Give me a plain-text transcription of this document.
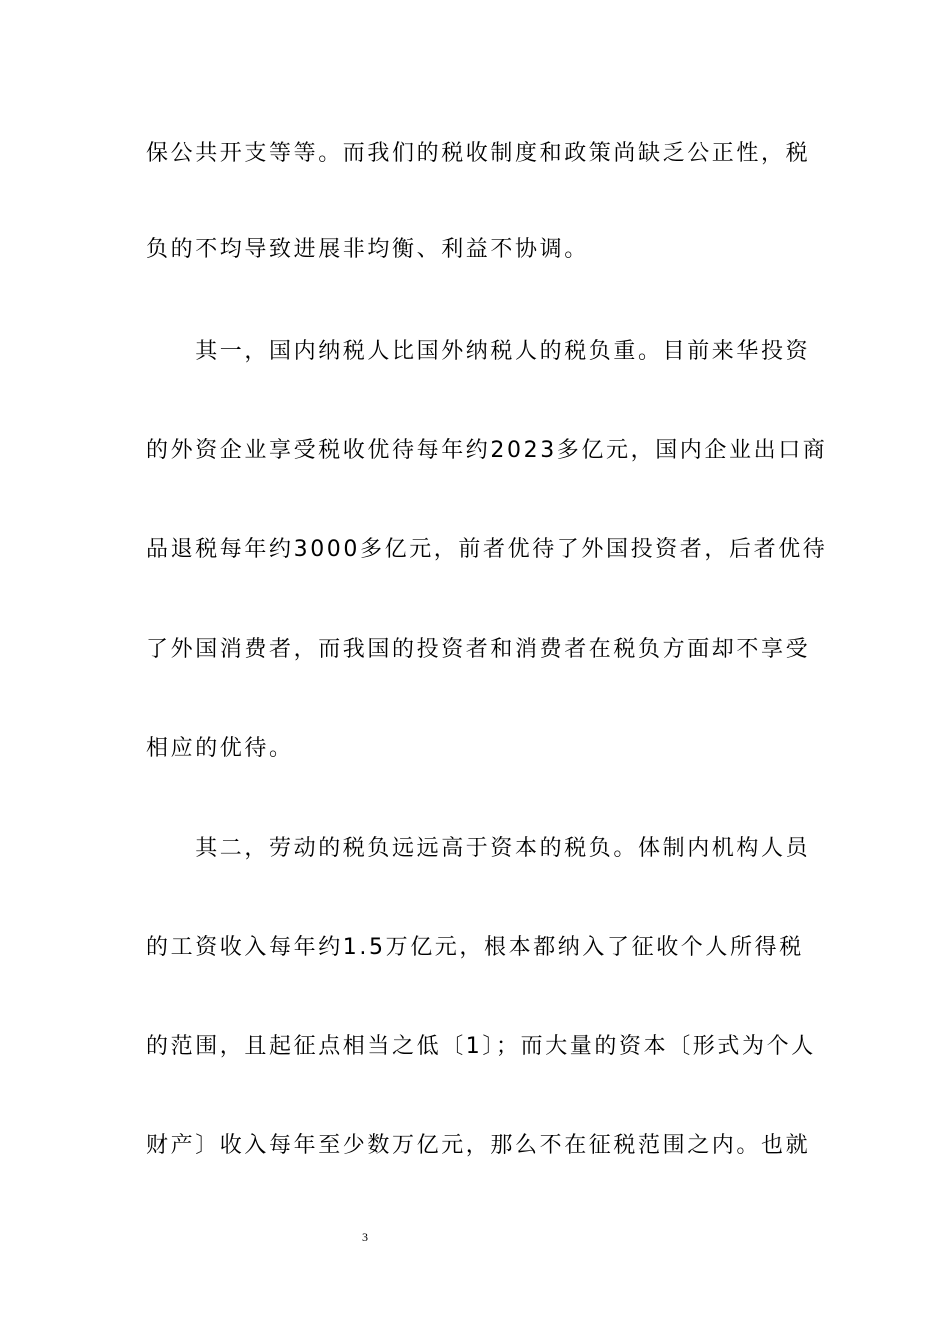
保公共开支等等。而我们的税收制度和政策尚缺乏公正性，税
负的不均导致进展非均衡、利益不协调。
　　其一，国内纳税人比国外纳税人的税负重。目前来华投资
的外资企业享受税收优待每年约2023多亿元，国内企业出口商
品退税每年约3000多亿元，前者优待了外国投资者，后者优待
了外国消费者，而我国的投资者和消费者在税负方面却不享受
相应的优待。
　　其二，劳动的税负远远高于资本的税负。体制内机构人员
的工资收入每年约1.5万亿元，根本都纳入了征收个人所得税
的范围，且起征点相当之低〔1〕；而大量的资本〔形式为个人
财产〕收入每年至少数万亿元，那么不在征税范围之内。也就
3
